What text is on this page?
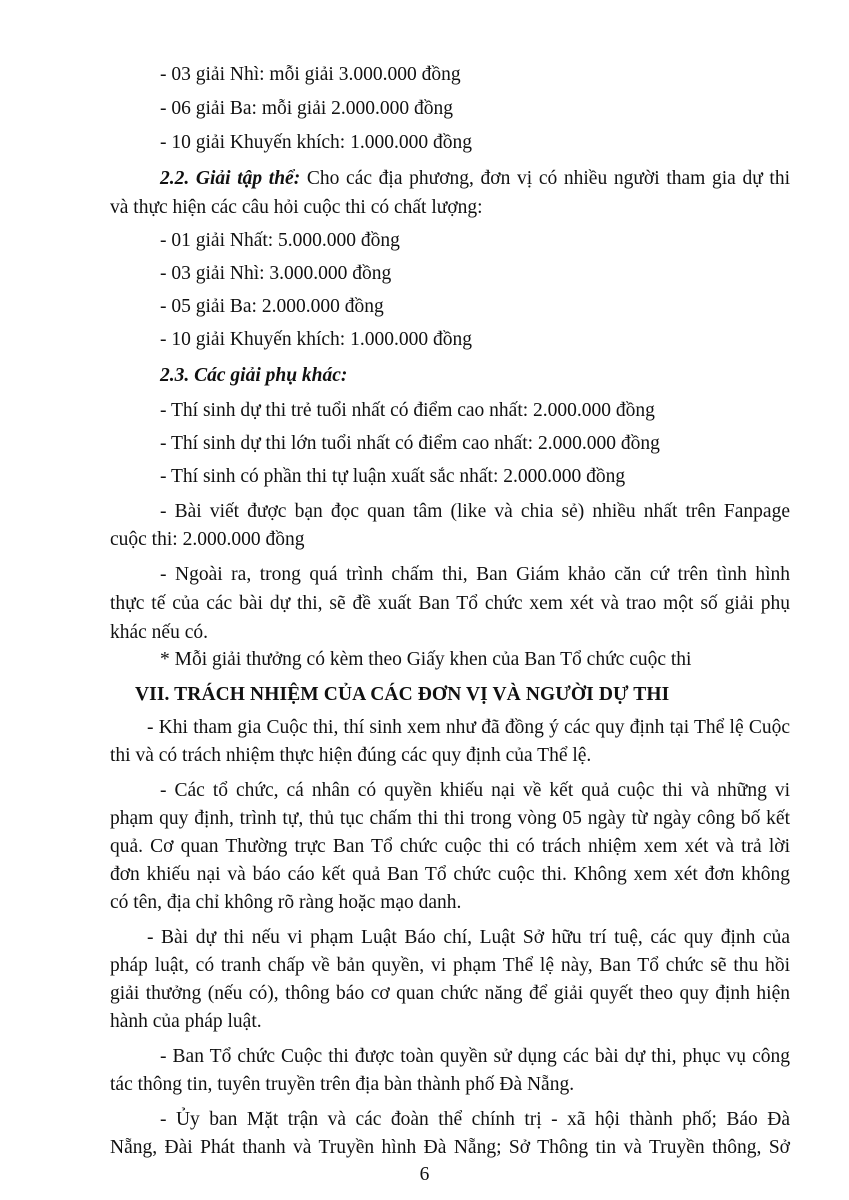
- 03 giải Nhì: mỗi giải 3.000.000 đồng
- 06 giải Ba: mỗi giải 2.000.000 đồng
- 10 giải Khuyến khích: 1.000.000 đồng
2.2. Giải tập thể: Cho các địa phương, đơn vị có nhiều người tham gia dự thi
và thực hiện các câu hỏi cuộc thi có chất lượng:
- 01 giải Nhất: 5.000.000 đồng
- 03 giải Nhì: 3.000.000 đồng
- 05 giải Ba: 2.000.000 đồng
- 10 giải Khuyến khích: 1.000.000 đồng
2.3. Các giải phụ khác:
- Thí sinh dự thi trẻ tuổi nhất có điểm cao nhất: 2.000.000 đồng
- Thí sinh dự thi lớn tuổi nhất có điểm cao nhất: 2.000.000 đồng
- Thí sinh có phần thi tự luận xuất sắc nhất: 2.000.000 đồng
- Bài viết được bạn đọc quan tâm (like và chia sẻ) nhiều nhất trên Fanpage
cuộc thi: 2.000.000 đồng
- Ngoài ra, trong quá trình chấm thi, Ban Giám khảo căn cứ trên tình hình
thực tế của các bài dự thi, sẽ đề xuất Ban Tổ chức xem xét và trao một số giải phụ
khác nếu có.
* Mỗi giải thưởng có kèm theo Giấy khen của Ban Tổ chức cuộc thi
VII. TRÁCH NHIỆM CỦA CÁC ĐƠN VỊ VÀ NGƯỜI DỰ THI
- Khi tham gia Cuộc thi, thí sinh xem như đã đồng ý các quy định tại Thể lệ Cuộc
thi và có trách nhiệm thực hiện đúng các quy định của Thể lệ.
- Các tổ chức, cá nhân có quyền khiếu nại về kết quả cuộc thi và những vi
phạm quy định, trình tự, thủ tục chấm thi thi trong vòng 05 ngày từ ngày công bố kết
quả. Cơ quan Thường trực Ban Tổ chức cuộc thi có trách nhiệm xem xét và trả lời
đơn khiếu nại và báo cáo kết quả Ban Tổ chức cuộc thi. Không xem xét đơn không
có tên, địa chỉ không rõ ràng hoặc mạo danh.
- Bài dự thi nếu vi phạm Luật Báo chí, Luật Sở hữu trí tuệ, các quy định của
pháp luật, có tranh chấp về bản quyền, vi phạm Thể lệ này, Ban Tổ chức sẽ thu hồi
giải thưởng (nếu có), thông báo cơ quan chức năng để giải quyết theo quy định hiện
hành của pháp luật.
- Ban Tổ chức Cuộc thi được toàn quyền sử dụng các bài dự thi, phục vụ công
tác thông tin, tuyên truyền trên địa bàn thành phố Đà Nẵng.
- Ủy ban Mặt trận và các đoàn thể chính trị - xã hội thành phố; Báo Đà
Nẵng, Đài Phát thanh và Truyền hình Đà Nẵng; Sở Thông tin và Truyền thông, Sở
6
